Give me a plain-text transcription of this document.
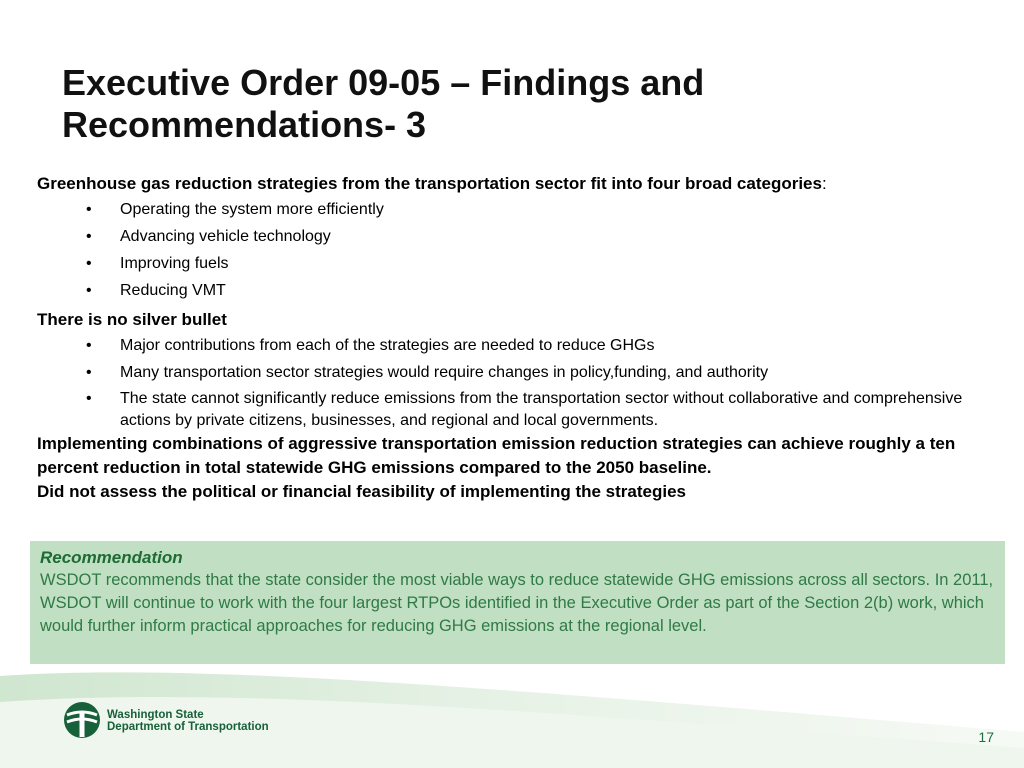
Executive Order 09-05 – Findings and Recommendations- 3

Greenhouse gas reduction strategies from the transportation sector fit into four broad categories:

• Operating the system more efficiently
• Advancing vehicle technology
• Improving fuels
• Reducing VMT

There is no silver bullet

• Major contributions from each of the strategies are needed to reduce GHGs
• Many transportation sector strategies would require changes in policy,funding, and authority
• The state cannot significantly reduce emissions from the transportation sector without collaborative and comprehensive actions by private citizens, businesses, and regional and local governments.

Implementing combinations of aggressive transportation emission reduction strategies can achieve roughly a ten percent reduction in total statewide GHG emissions compared to the 2050 baseline.

Did not assess the political or financial feasibility of implementing the strategies

Recommendation
WSDOT recommends that the state consider the most viable ways to reduce statewide GHG emissions across all sectors. In 2011, WSDOT will continue to work with the four largest RTPOs identified in the Executive Order as part of the Section 2(b) work, which would further inform practical approaches for reducing GHG emissions at the regional level.
Washington State
Department of Transportation
17
